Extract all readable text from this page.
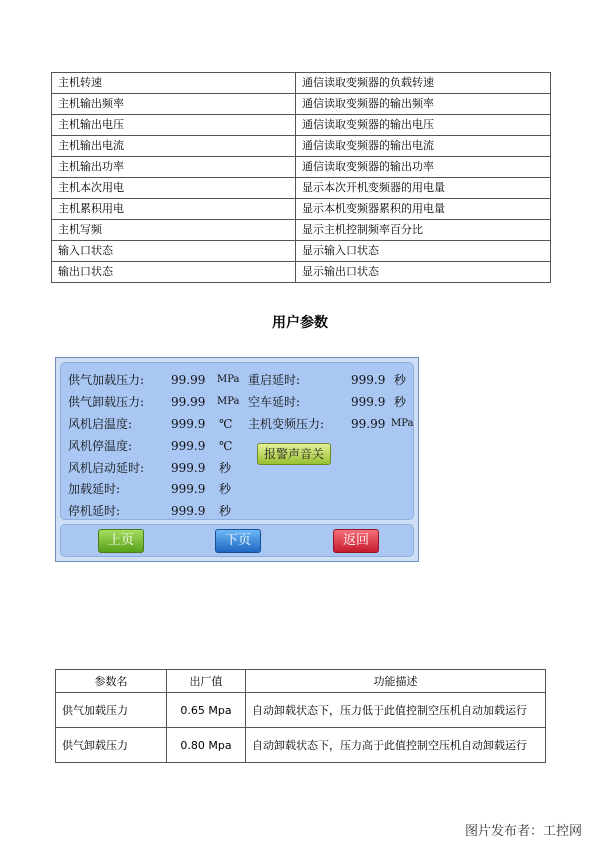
主机转速	通信读取变频器的负载转速
主机输出频率	通信读取变频器的输出频率
主机输出电压	通信读取变频器的输出电压
主机输出电流	通信读取变频器的输出电流
主机输出功率	通信读取变频器的输出功率
主机本次用电	显示本次开机变频器的用电量
主机累积用电	显示本机变频器累积的用电量
主机写频	显示主机控制频率百分比
输入口状态	显示输入口状态
输出口状态	显示输出口状态
用户参数
供气加载压力: 99.99 MPa
供气卸载压力: 99.99 MPa
风机启温度:	999.9 ℃
风机停温度:	999.9 ℃
风机启动延时: 999.9 秒
加载延时:	999.9 秒
停机延时:	999.9 秒
重启延时:	999.9 秒
空车延时:	999.9 秒
主机变频压力: 99.99 MPa
报警声音关
上页	下页	返回
参数名	出厂值	功能描述
供气加载压力	0.65 Mpa	自动卸载状态下，压力低于此值控制空压机自动加载运行
供气卸载压力	0.80 Mpa	自动卸载状态下，压力高于此值控制空压机自动卸载运行

图片发布者：工控网
